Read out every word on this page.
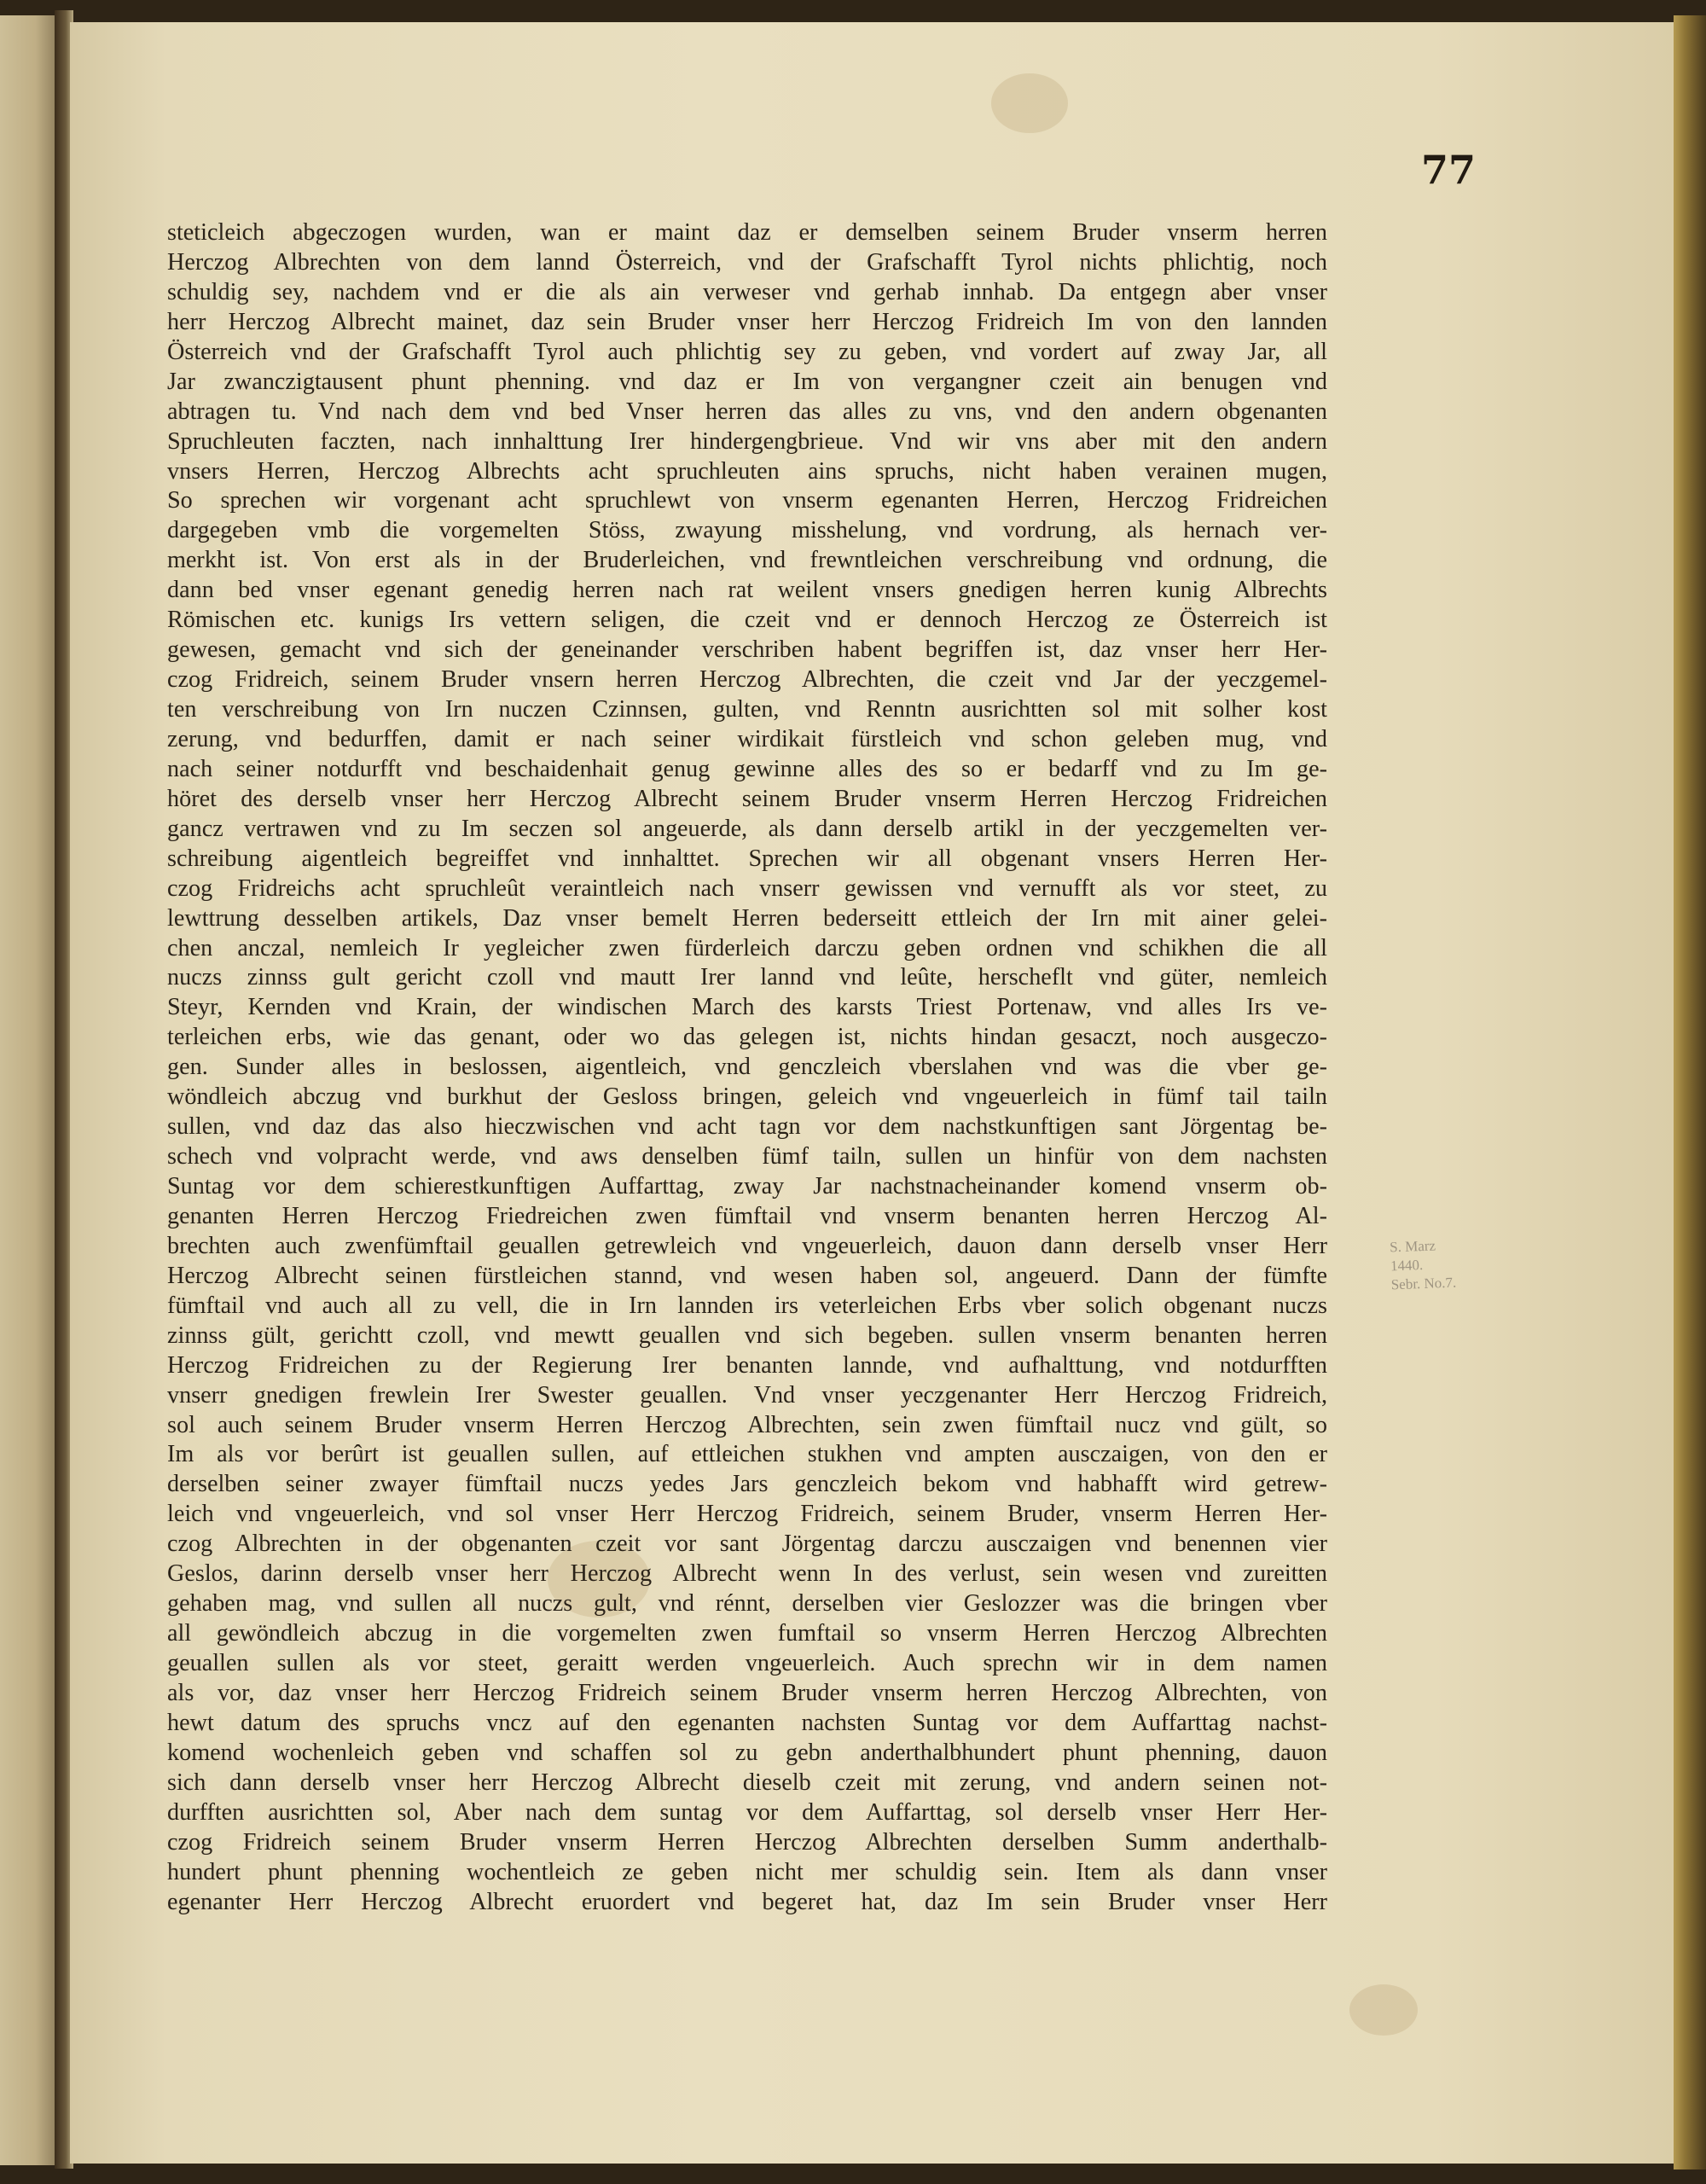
77

S. Marz
1440.
Sebr. No.7.
steticleich abgeczogen wurden, wan er maint daz er demselben seinem Bruder vnserm herren
Herczog Albrechten von dem lannd Österreich, vnd der Grafschafft Tyrol nichts phlichtig, noch
schuldig sey, nachdem vnd er die als ain verweser vnd gerhab innhab. Da entgegn aber vnser
herr Herczog Albrecht mainet, daz sein Bruder vnser herr Herczog Fridreich Im von den lannden
Österreich vnd der Grafschafft Tyrol auch phlichtig sey zu geben, vnd vordert auf zway Jar, all
Jar zwanczigtausent phunt phenning. vnd daz er Im von vergangner czeit ain benugen vnd
abtragen tu. Vnd nach dem vnd bed Vnser herren das alles zu vns, vnd den andern obgenanten
Spruchleuten faczten, nach innhalttung Irer hindergengbrieue. Vnd wir vns aber mit den andern
vnsers Herren, Herczog Albrechts acht spruchleuten ains spruchs, nicht haben verainen mugen,
So sprechen wir vorgenant acht spruchlewt von vnserm egenanten Herren, Herczog Fridreichen
dargegeben vmb die vorgemelten Stöss, zwayung misshelung, vnd vordrung, als hernach ver-
merkht ist. Von erst als in der Bruderleichen, vnd frewntleichen verschreibung vnd ordnung, die
dann bed vnser egenant genedig herren nach rat weilent vnsers gnedigen herren kunig Albrechts
Römischen etc. kunigs Irs vettern seligen, die czeit vnd er dennoch Herczog ze Österreich ist
gewesen, gemacht vnd sich der geneinander verschriben habent begriffen ist, daz vnser herr Her-
czog Fridreich, seinem Bruder vnsern herren Herczog Albrechten, die czeit vnd Jar der yeczgemel-
ten verschreibung von Irn nuczen Czinnsen, gulten, vnd Renntn ausrichtten sol mit solher kost
zerung, vnd bedurffen, damit er nach seiner wirdikait fürstleich vnd schon geleben mug, vnd
nach seiner notdurfft vnd beschaidenhait genug gewinne alles des so er bedarff vnd zu Im ge-
höret des derselb vnser herr Herczog Albrecht seinem Bruder vnserm Herren Herczog Fridreichen
gancz vertrawen vnd zu Im seczen sol angeuerde, als dann derselb artikl in der yeczgemelten ver-
schreibung aigentleich begreiffet vnd innhalttet. Sprechen wir all obgenant vnsers Herren Her-
czog Fridreichs acht spruchleût veraintleich nach vnserr gewissen vnd vernufft als vor steet, zu
lewttrung desselben artikels, Daz vnser bemelt Herren bederseitt ettleich der Irn mit ainer gelei-
chen anczal, nemleich Ir yegleicher zwen fürderleich darczu geben ordnen vnd schikhen die all
nuczs zinnss gult gericht czoll vnd mautt Irer lannd vnd leûte, herscheflt vnd güter, nemleich
Steyr, Kernden vnd Krain, der windischen March des karsts Triest Portenaw, vnd alles Irs ve-
terleichen erbs, wie das genant, oder wo das gelegen ist, nichts hindan gesaczt, noch ausgeczo-
gen. Sunder alles in beslossen, aigentleich, vnd genczleich vberslahen vnd was die vber ge-
wöndleich abczug vnd burkhut der Gesloss bringen, geleich vnd vngeuerleich in fümf tail tailn
sullen, vnd daz das also hieczwischen vnd acht tagn vor dem nachstkunftigen sant Jörgentag be-
schech vnd volpracht werde, vnd aws denselben fümf tailn, sullen un hinfür von dem nachsten
Suntag vor dem schierestkunftigen Auffarttag, zway Jar nachstnacheinander komend vnserm ob-
genanten Herren Herczog Friedreichen zwen fümftail vnd vnserm benanten herren Herczog Al-
brechten auch zwenfümftail geuallen getrewleich vnd vngeuerleich, dauon dann derselb vnser Herr
Herczog Albrecht seinen fürstleichen stannd, vnd wesen haben sol, angeuerd. Dann der fümfte
fümftail vnd auch all zu vell, die in Irn lannden irs veterleichen Erbs vber solich obgenant nuczs
zinnss gült, gerichtt czoll, vnd mewtt geuallen vnd sich begeben. sullen vnserm benanten herren
Herczog Fridreichen zu der Regierung Irer benanten lannde, vnd aufhalttung, vnd notdurfften
vnserr gnedigen frewlein Irer Swester geuallen. Vnd vnser yeczgenanter Herr Herczog Fridreich,
sol auch seinem Bruder vnserm Herren Herczog Albrechten, sein zwen fümftail nucz vnd gült, so
Im als vor berûrt ist geuallen sullen, auf ettleichen stukhen vnd ampten ausczaigen, von den er
derselben seiner zwayer fümftail nuczs yedes Jars genczleich bekom vnd habhafft wird getrew-
leich vnd vngeuerleich, vnd sol vnser Herr Herczog Fridreich, seinem Bruder, vnserm Herren Her-
czog Albrechten in der obgenanten czeit vor sant Jörgentag darczu ausczaigen vnd benennen vier
Geslos, darinn derselb vnser herr Herczog Albrecht wenn In des verlust, sein wesen vnd zureitten
gehaben mag, vnd sullen all nuczs gult, vnd rénnt, derselben vier Geslozzer was die bringen vber
all gewöndleich abczug in die vorgemelten zwen fumftail so vnserm Herren Herczog Albrechten
geuallen sullen als vor steet, geraitt werden vngeuerleich. Auch sprechn wir in dem namen
als vor, daz vnser herr Herczog Fridreich seinem Bruder vnserm herren Herczog Albrechten, von
hewt datum des spruchs vncz auf den egenanten nachsten Suntag vor dem Auffarttag nachst-
komend wochenleich geben vnd schaffen sol zu gebn anderthalbhundert phunt phenning, dauon
sich dann derselb vnser herr Herczog Albrecht dieselb czeit mit zerung, vnd andern seinen not-
durfften ausrichtten sol, Aber nach dem suntag vor dem Auffarttag, sol derselb vnser Herr Her-
czog Fridreich seinem Bruder vnserm Herren Herczog Albrechten derselben Summ anderthalb-
hundert phunt phenning wochentleich ze geben nicht mer schuldig sein. Item als dann vnser
egenanter Herr Herczog Albrecht eruordert vnd begeret hat, daz Im sein Bruder vnser Herr
